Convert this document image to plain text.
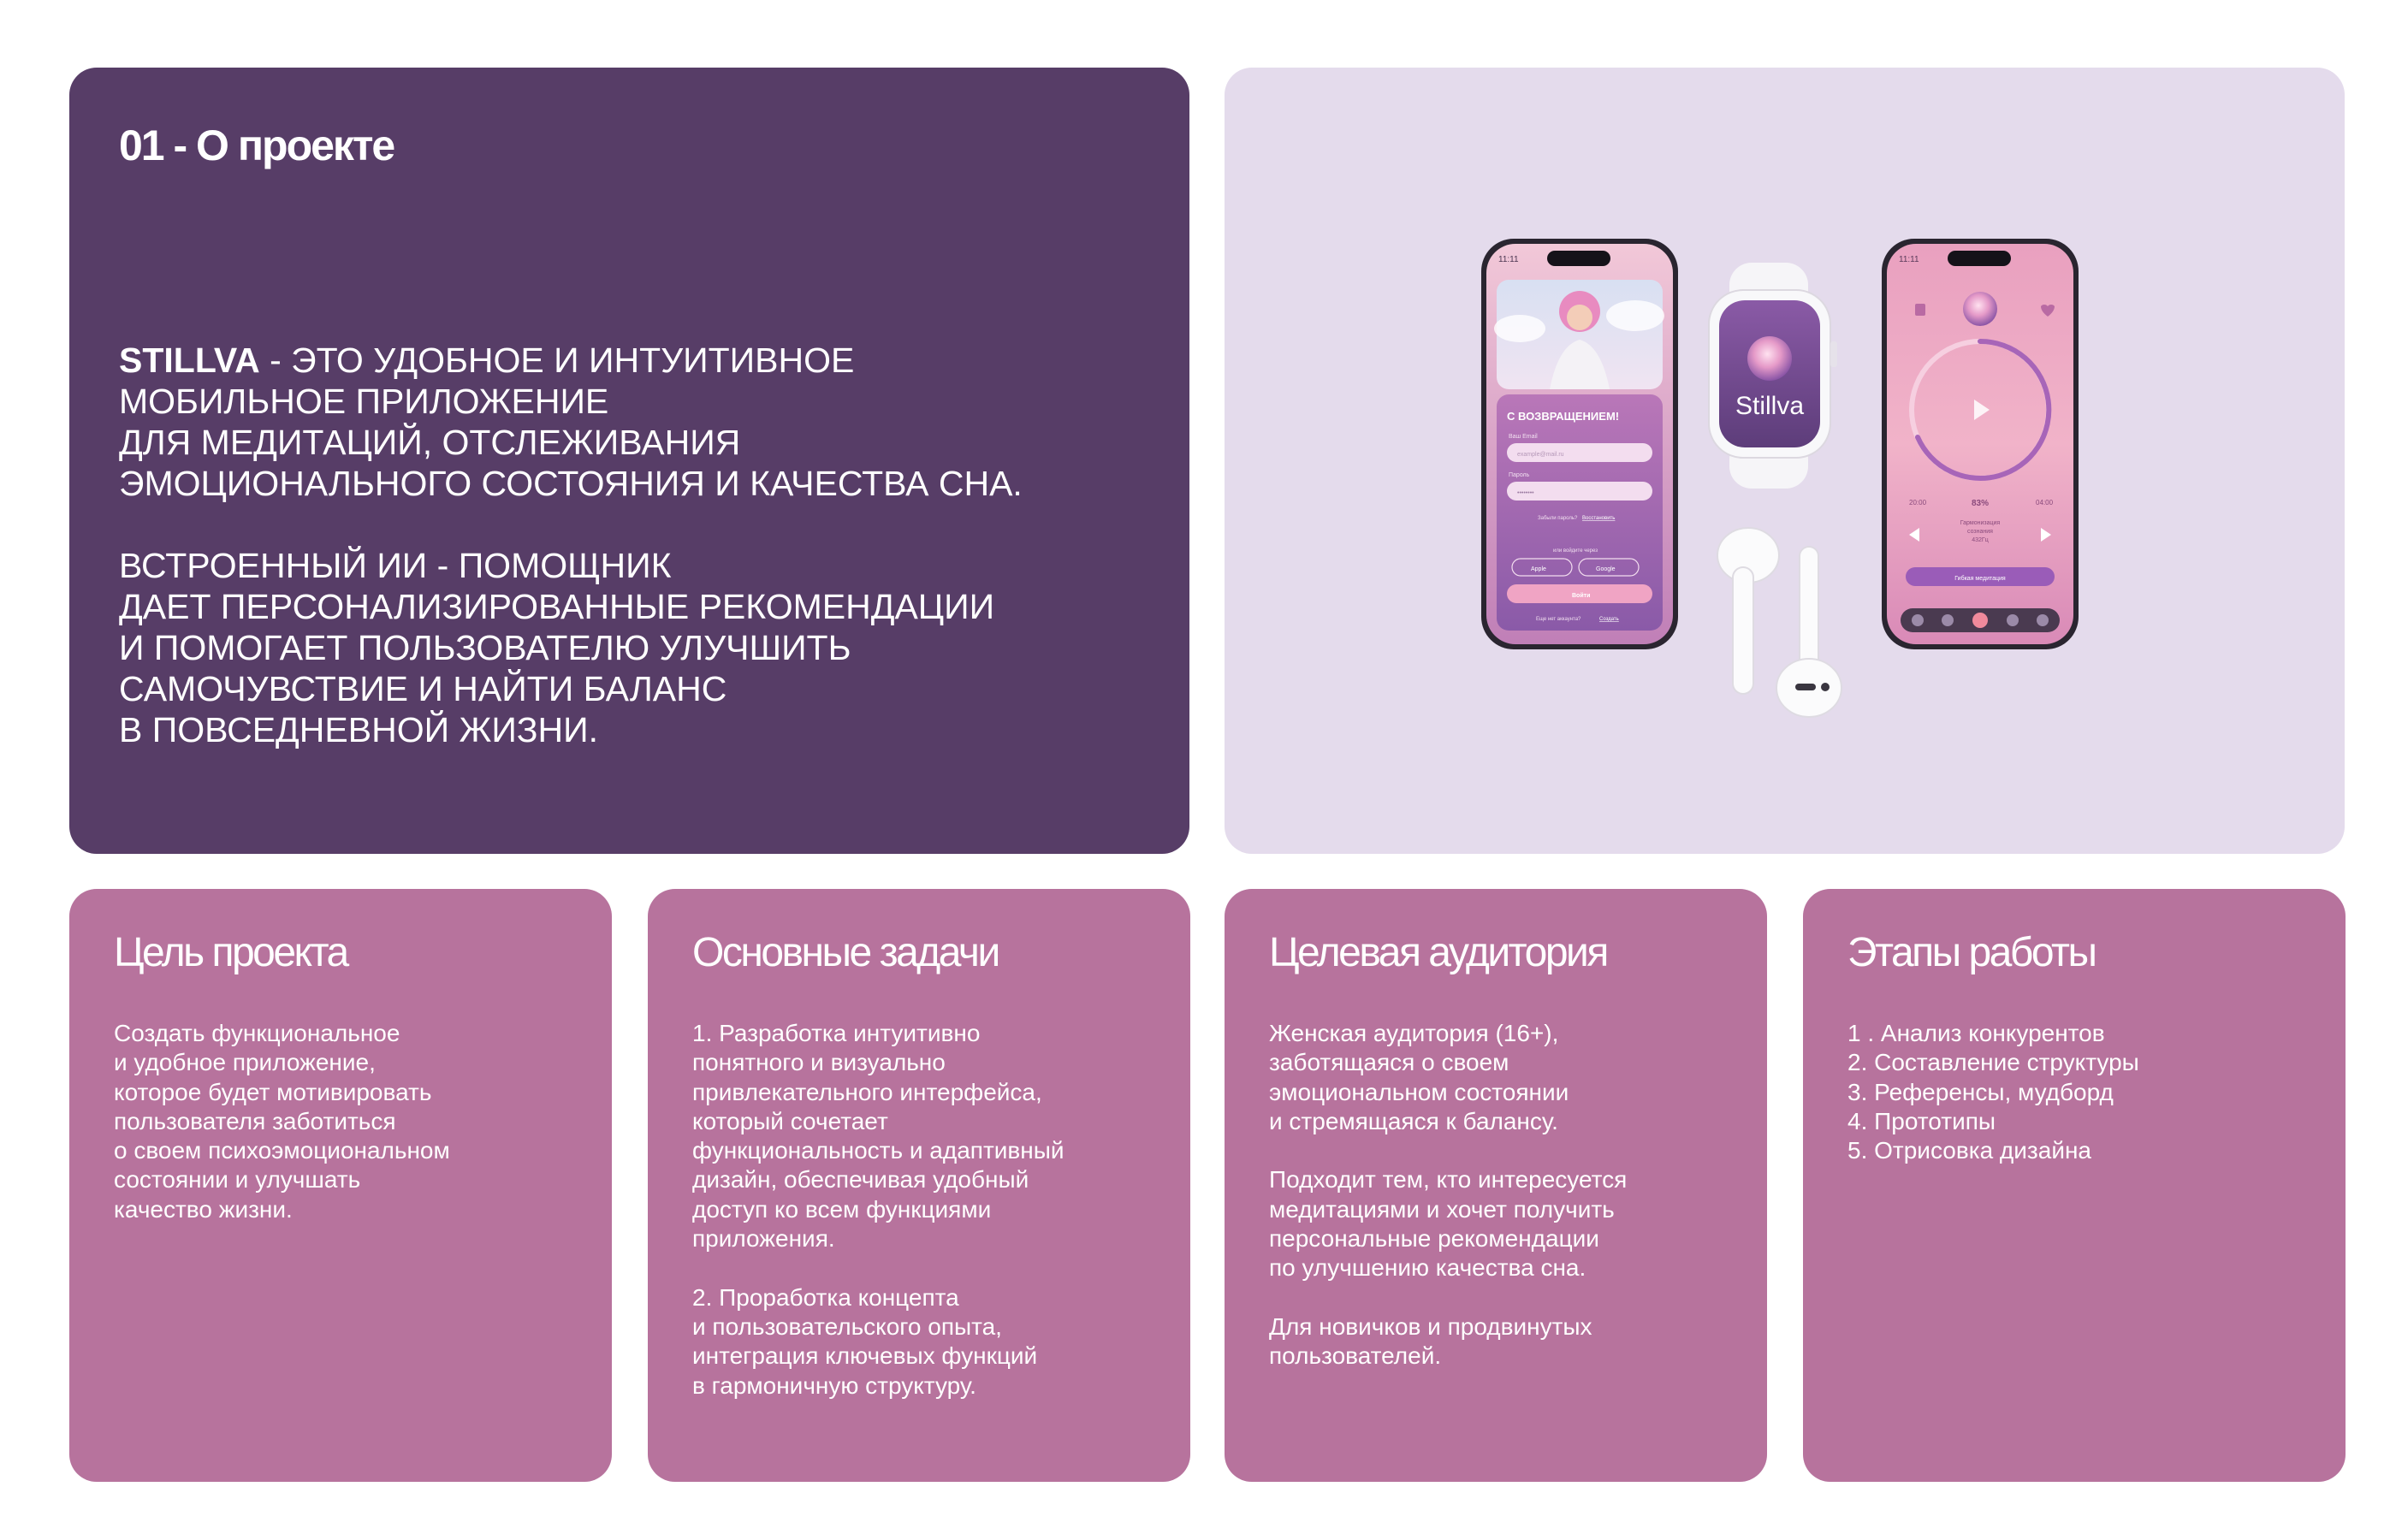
01 - О проекте

STILLVA - ЭТО УДОБНОЕ И ИНТУИТИВНОЕ
МОБИЛЬНОЕ ПРИЛОЖЕНИЕ
ДЛЯ МЕДИТАЦИЙ, ОТСЛЕЖИВАНИЯ
ЭМОЦИОНАЛЬНОГО СОСТОЯНИЯ И КАЧЕСТВА СНА.

ВСТРОЕННЫЙ ИИ - ПОМОЩНИК
ДАЕТ ПЕРСОНАЛИЗИРОВАННЫЕ РЕКОМЕНДАЦИИ
И ПОМОГАЕТ ПОЛЬЗОВАТЕЛЮ УЛУЧШИТЬ
САМОЧУВСТВИЕ И НАЙТИ БАЛАНС
В ПОВСЕДНЕВНОЙ ЖИЗНИ.

11:11
С ВОЗВРАЩЕНИЕМ!
Ваш Email
example@mail.ru
Пароль
••••••••
Забыли пароль? Восстановить
или войдите через
Apple	Google
Войти
Еще нет аккаунта?	Создать
Stillva
11:11
20:00	83%	04:00
Гармонизация
сознания
432Гц
Гибкая медитация
Цель проекта
Создать функциональное
и удобное приложение,
которое будет мотивировать
пользователя заботиться
о своем психоэмоциональном
состоянии и улучшать
качество жизни.
Основные задачи
1. Разработка интуитивно
понятного и визуально
привлекательного интерфейса,
который сочетает
функциональность и адаптивный
дизайн, обеспечивая удобный
доступ ко всем функциями
приложения.

2. Проработка концепта
и пользовательского опыта,
интеграция ключевых функций
в гармоничную структуру.
Целевая аудитория
Женская аудитория (16+),
заботящаяся о своем
эмоциональном состоянии
и стремящаяся к балансу.

Подходит тем, кто интересуется
медитациями и хочет получить
персональные рекомендации
по улучшению качества сна.

Для новичков и продвинутых
пользователей.
Этапы работы
1 . Анализ конкурентов
2. Составление структуры
3. Референсы, мудборд
4. Прототипы
5. Отрисовка дизайна
